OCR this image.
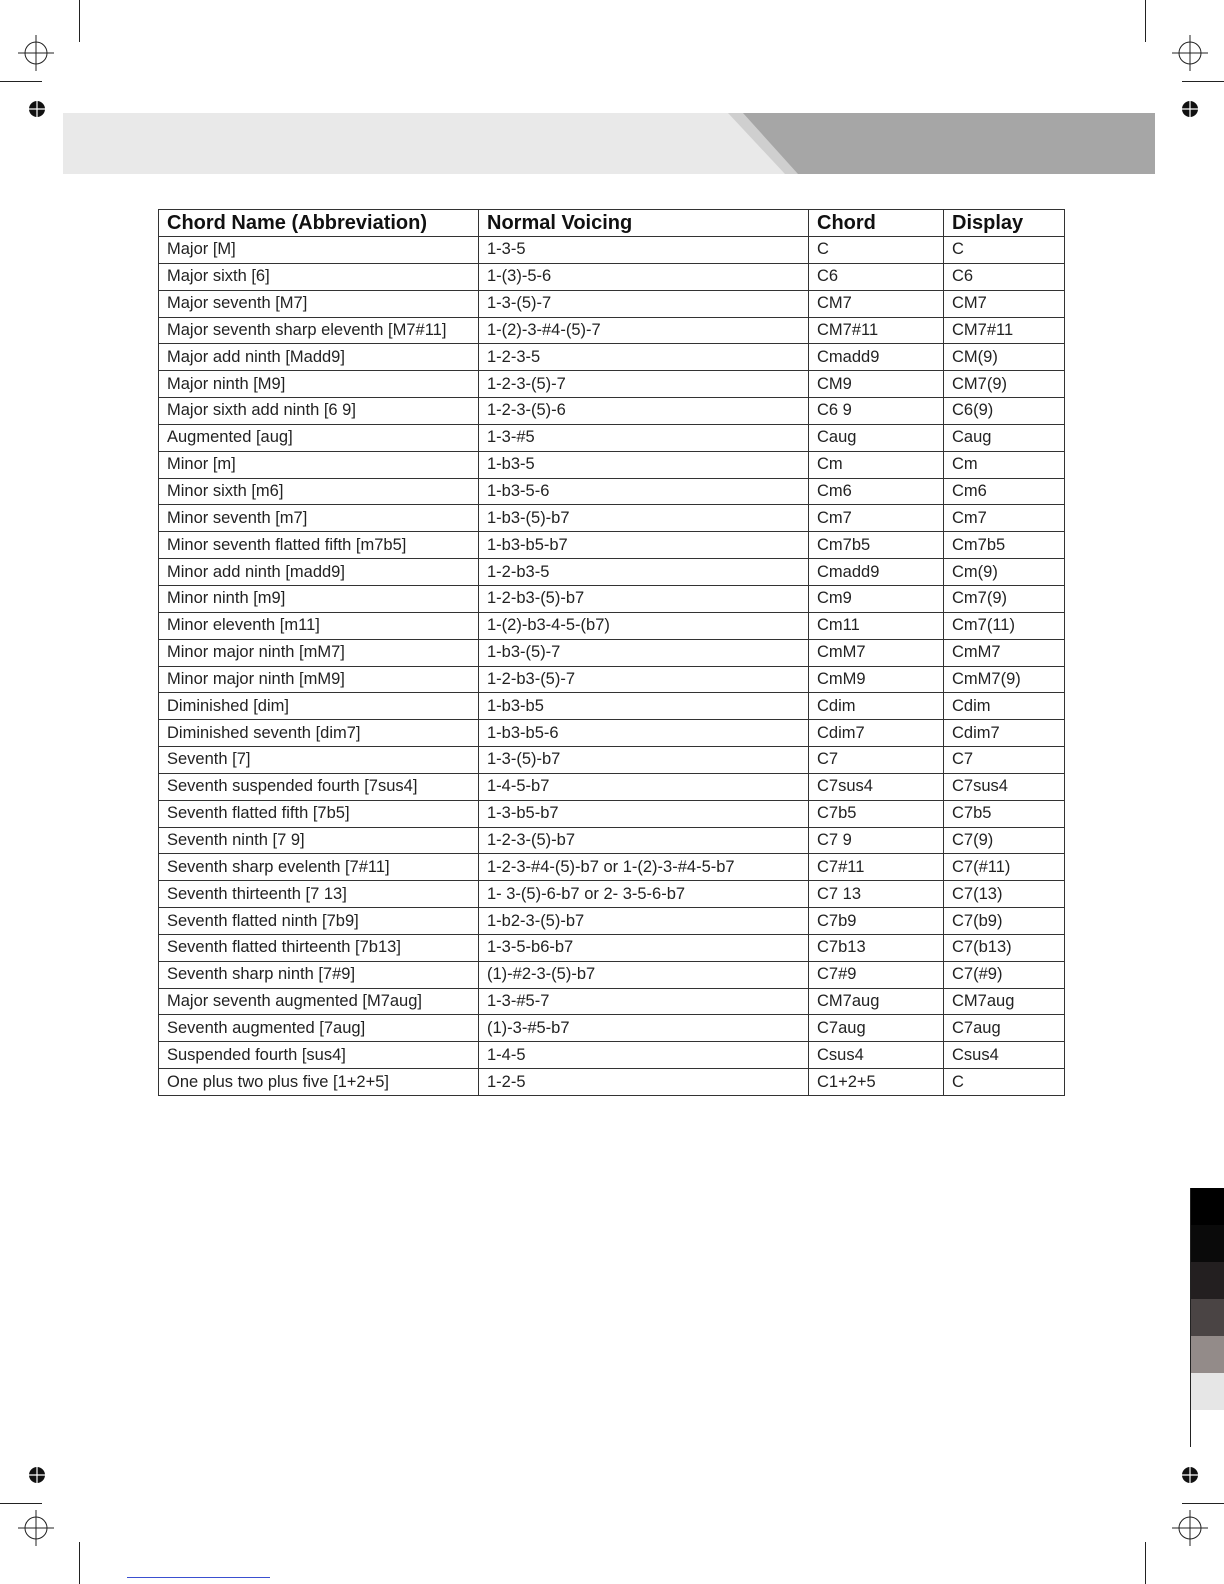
Chord Name (Abbreviation)	Normal Voicing	Chord	Display
Major [M]	1-3-5	C	C
Major sixth [6]	1-(3)-5-6	C6	C6
Major seventh [M7]	1-3-(5)-7	CM7	CM7
Major seventh sharp eleventh [M7#11]	1-(2)-3-#4-(5)-7	CM7#11	CM7#11
Major add ninth [Madd9]	1-2-3-5	Cmadd9	CM(9)
Major ninth [M9]	1-2-3-(5)-7	CM9	CM7(9)
Major sixth add ninth [6 9]	1-2-3-(5)-6	C6 9	C6(9)
Augmented [aug]	1-3-#5	Caug	Caug
Minor [m]	1-b3-5	Cm	Cm
Minor sixth [m6]	1-b3-5-6	Cm6	Cm6
Minor seventh [m7]	1-b3-(5)-b7	Cm7	Cm7
Minor seventh flatted fifth [m7b5]	1-b3-b5-b7	Cm7b5	Cm7b5
Minor add ninth [madd9]	1-2-b3-5	Cmadd9	Cm(9)
Minor ninth [m9]	1-2-b3-(5)-b7	Cm9	Cm7(9)
Minor eleventh [m11]	1-(2)-b3-4-5-(b7)	Cm11	Cm7(11)
Minor major ninth [mM7]	1-b3-(5)-7	CmM7	CmM7
Minor major ninth [mM9]	1-2-b3-(5)-7	CmM9	CmM7(9)
Diminished [dim]	1-b3-b5	Cdim	Cdim
Diminished seventh [dim7]	1-b3-b5-6	Cdim7	Cdim7
Seventh [7]	1-3-(5)-b7	C7	C7
Seventh suspended fourth [7sus4]	1-4-5-b7	C7sus4	C7sus4
Seventh flatted fifth [7b5]	1-3-b5-b7	C7b5	C7b5
Seventh ninth [7 9]	1-2-3-(5)-b7	C7 9	C7(9)
Seventh sharp evelenth [7#11]	1-2-3-#4-(5)-b7 or 1-(2)-3-#4-5-b7	C7#11	C7(#11)
Seventh thirteenth [7 13]	1- 3-(5)-6-b7 or 2- 3-5-6-b7	C7 13	C7(13)
Seventh flatted ninth [7b9]	1-b2-3-(5)-b7	C7b9	C7(b9)
Seventh flatted thirteenth [7b13]	1-3-5-b6-b7	C7b13	C7(b13)
Seventh sharp ninth [7#9]	(1)-#2-3-(5)-b7	C7#9	C7(#9)
Major seventh augmented [M7aug]	1-3-#5-7	CM7aug	CM7aug
Seventh augmented [7aug]	(1)-3-#5-b7	C7aug	C7aug
Suspended fourth [sus4]	1-4-5	Csus4	Csus4
One plus two plus five [1+2+5]	1-2-5	C1+2+5	C
